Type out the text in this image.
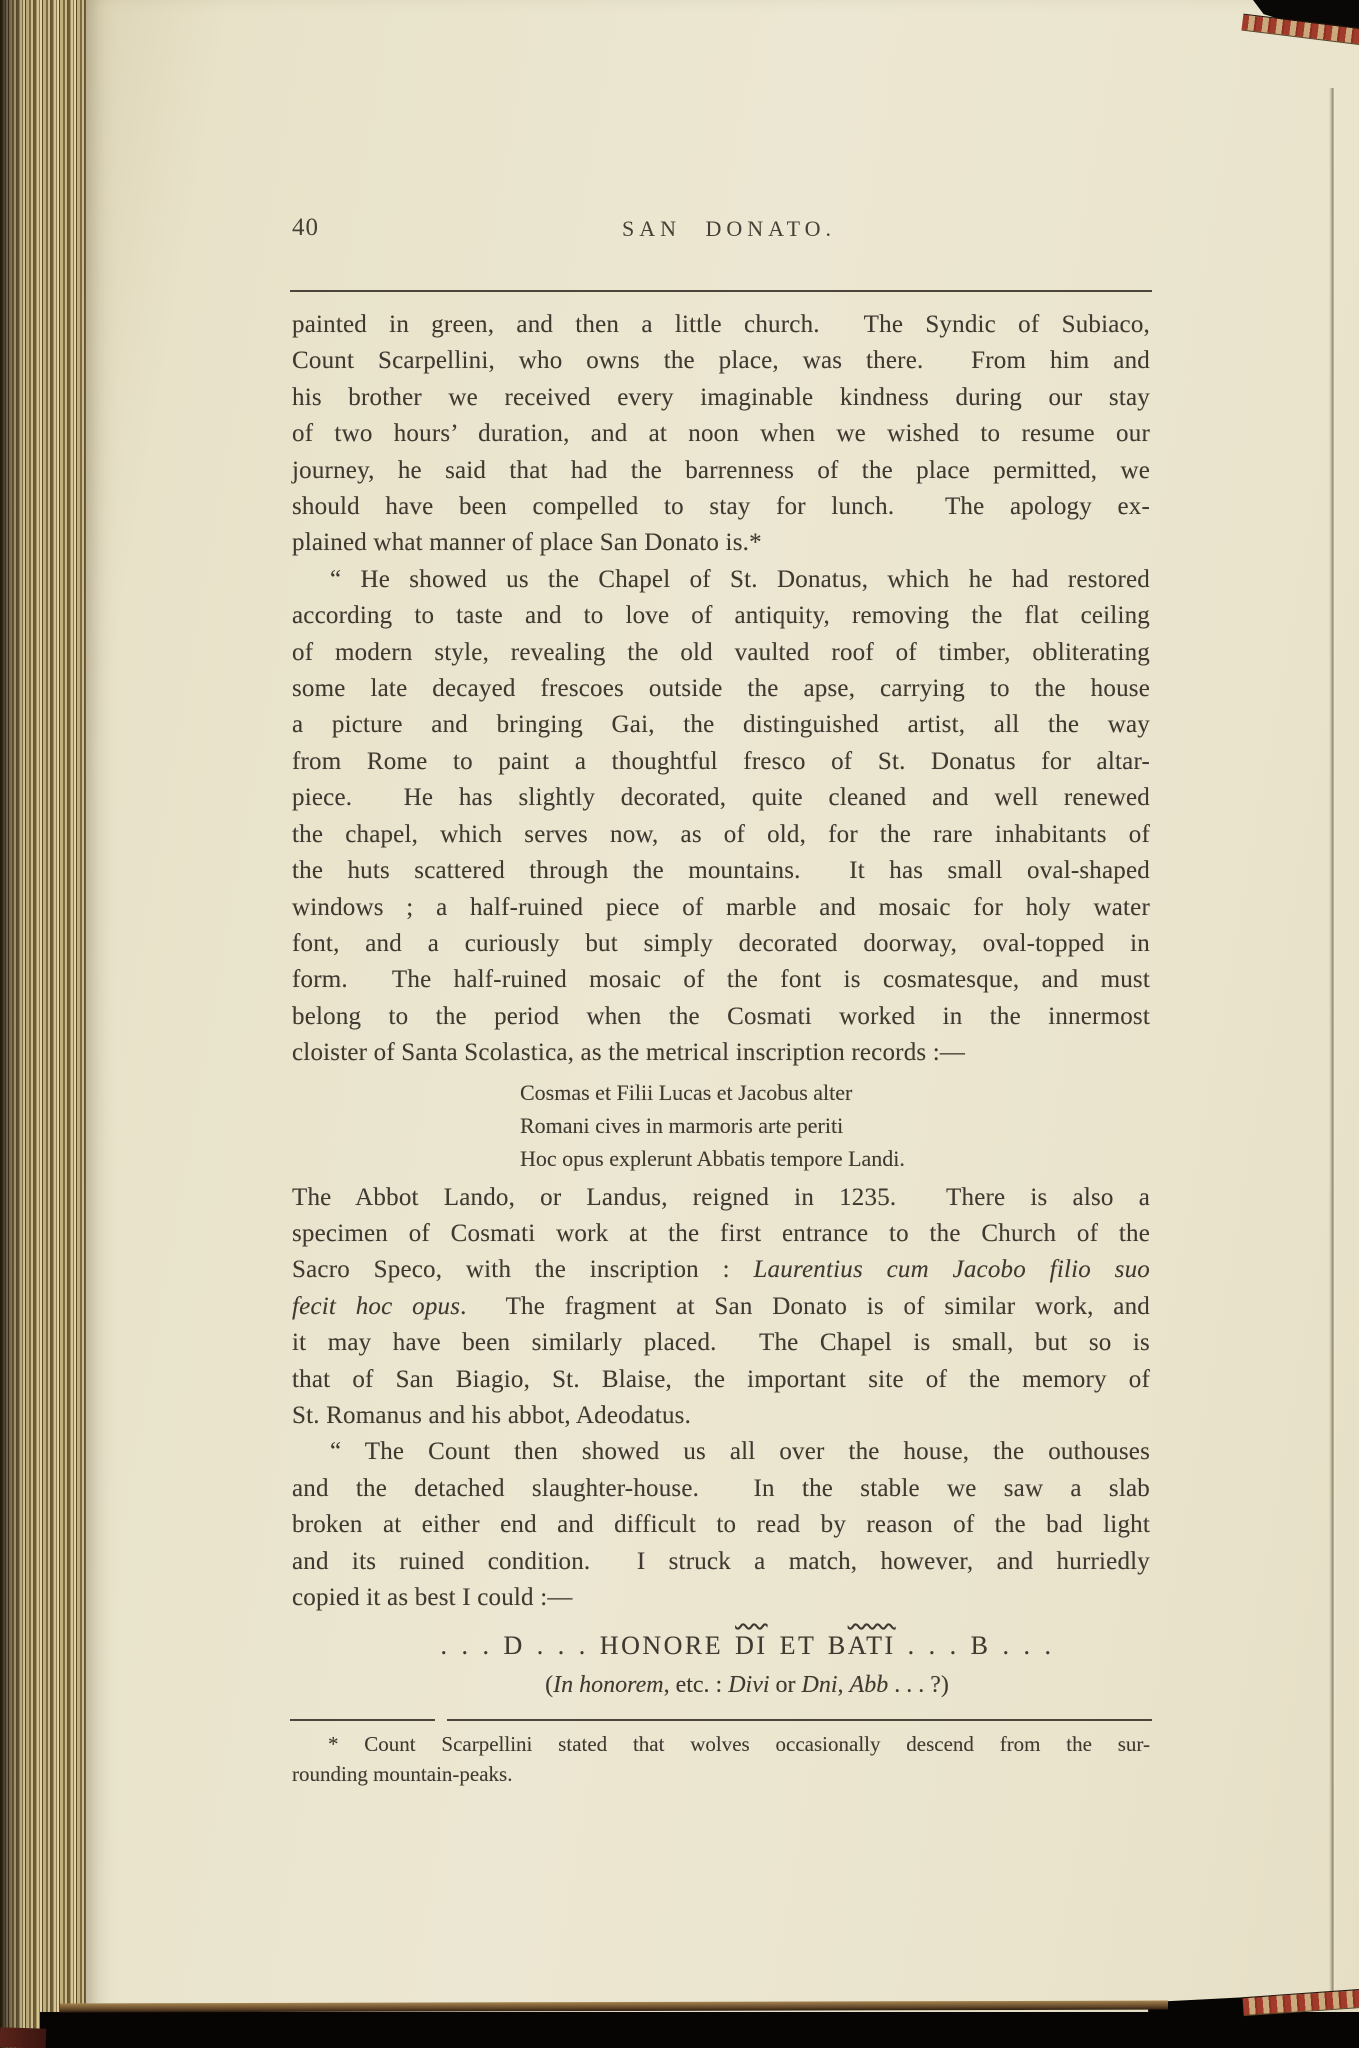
40	SAN DONATO.
painted in green, and then a little church.  The Syndic of Subiaco,
Count Scarpellini, who owns the place, was there.  From him and
his brother we received every imaginable kindness during our stay
of two hours’ duration, and at noon when we wished to resume our
journey, he said that had the barrenness of the place permitted, we
should have been compelled to stay for lunch.  The apology ex-
plained what manner of place San Donato is.*
“ He showed us the Chapel of St. Donatus, which he had restored
according to taste and to love of antiquity, removing the flat ceiling
of modern style, revealing the old vaulted roof of timber, obliterating
some late decayed frescoes outside the apse, carrying to the house
a picture and bringing Gai, the distinguished artist, all the way
from Rome to paint a thoughtful fresco of St. Donatus for altar-
piece.  He has slightly decorated, quite cleaned and well renewed
the chapel, which serves now, as of old, for the rare inhabitants of
the huts scattered through the mountains.  It has small oval-shaped
windows ; a half-ruined piece of marble and mosaic for holy water
font, and a curiously but simply decorated doorway, oval-topped in
form.  The half-ruined mosaic of the font is cosmatesque, and must
belong to the period when the Cosmati worked in the innermost
cloister of Santa Scolastica, as the metrical inscription records :—
Cosmas et Filii Lucas et Jacobus alter
Romani cives in marmoris arte periti
Hoc opus explerunt Abbatis tempore Landi.
The Abbot Lando, or Landus, reigned in 1235.  There is also a
specimen of Cosmati work at the first entrance to the Church of the
Sacro Speco, with the inscription : Laurentius cum Jacobo filio suo
fecit hoc opus.  The fragment at San Donato is of similar work, and
it may have been similarly placed.  The Chapel is small, but so is
that of San Biagio, St. Blaise, the important site of the memory of
St. Romanus and his abbot, Adeodatus.
“ The Count then showed us all over the house, the outhouses
and the detached slaughter-house.  In the stable we saw a slab
broken at either end and difficult to read by reason of the bad light
and its ruined condition.  I struck a match, however, and hurriedly
copied it as best I could :—
. . . D . . . HONORE DI ET BATI . . . B . . .
(In honorem, etc. : Divi or Dni, Abb . . . ?)
* Count Scarpellini stated that wolves occasionally descend from the sur-
rounding mountain-peaks.
